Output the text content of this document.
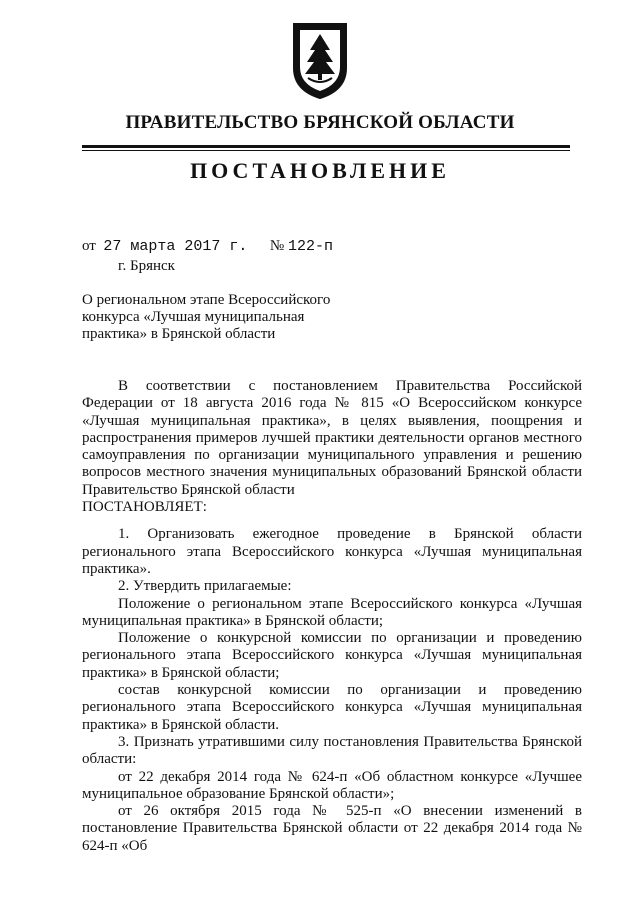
ПРАВИТЕЛЬСТВО БРЯНСКОЙ ОБЛАСТИ
ПОСТАНОВЛЕНИЕ
от 27 марта 2017 г. № 122-п
г. Брянск
О региональном этапе Всероссийского конкурса «Лучшая муниципальная практика» в Брянской области

В соответствии с постановлением Правительства Российской Федерации от 18 августа 2016 года № 815 «О Всероссийском конкурсе «Лучшая муниципальная практика», в целях выявления, поощрения и распространения примеров лучшей практики деятельности органов местного самоуправления по организации муниципального управления и решению вопросов местного значения муниципальных образований Брянской области Правительство Брянской области

ПОСТАНОВЛЯЕТ:

1. Организовать ежегодное проведение в Брянской области регионального этапа Всероссийского конкурса «Лучшая муниципальная практика».

2. Утвердить прилагаемые:

Положение о региональном этапе Всероссийского конкурса «Лучшая муниципальная практика» в Брянской области;

Положение о конкурсной комиссии по организации и проведению регионального этапа Всероссийского конкурса «Лучшая муниципальная практика» в Брянской области;

состав конкурсной комиссии по организации и проведению регионального этапа Всероссийского конкурса «Лучшая муниципальная практика» в Брянской области.

3. Признать утратившими силу постановления Правительства Брянской области:

от 22 декабря 2014 года № 624-п «Об областном конкурсе «Лучшее муниципальное образование Брянской области»;

от 26 октября 2015 года № 525-п «О внесении изменений в постановление Правительства Брянской области от 22 декабря 2014 года № 624-п «Об
